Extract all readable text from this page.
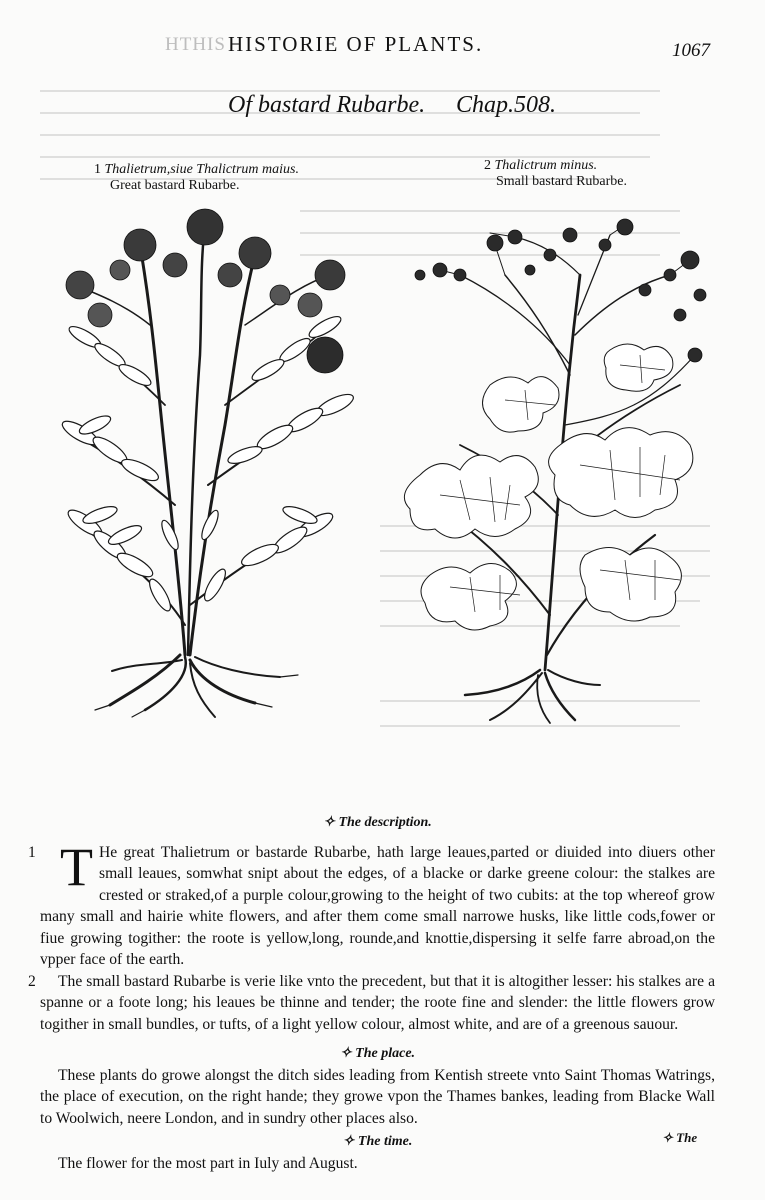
HTHIS HISTORIE OF PLANTS.	1067
Of bastard Rubarbe. Chap.508.
1 Thalietrum,siue Thalictrum maius.
Great bastard Rubarbe.
2 Thalictrum minus.
Small bastard Rubarbe.

✧ The description.

1 T He great Thalietrum or bastarde Rubarbe, hath large leaues,parted or diuided into diuers other small leaues, somwhat snipt about the edges, of a blacke or darke greene colour: the stalkes are crested or straked,of a purple colour,growing to the height of two cubits: at the top whereof grow many small and hairie white flowers, and after them come small narrowe husks, like little cods,fower or fiue growing togither: the roote is yellow,long, rounde,and knottie,dispersing it selfe farre abroad,on the vpper face of the earth.

2 The small bastard Rubarbe is verie like vnto the precedent, but that it is altogither lesser: his stalkes are a spanne or a foote long; his leaues be thinne and tender; the roote fine and slender: the little flowers grow togither in small bundles, or tufts, of a light yellow colour, almost white, and are of a greenous sauour.

✧ The place.

These plants do growe alongst the ditch sides leading from Kentish streete vnto Saint Thomas Watrings, the place of execution, on the right hande; they growe vpon the Thames bankes, leading from Blacke Wall to Woolwich, neere London, and in sundry other places also.

✧ The time.

The flower for the most part in Iuly and August.

✧ The
